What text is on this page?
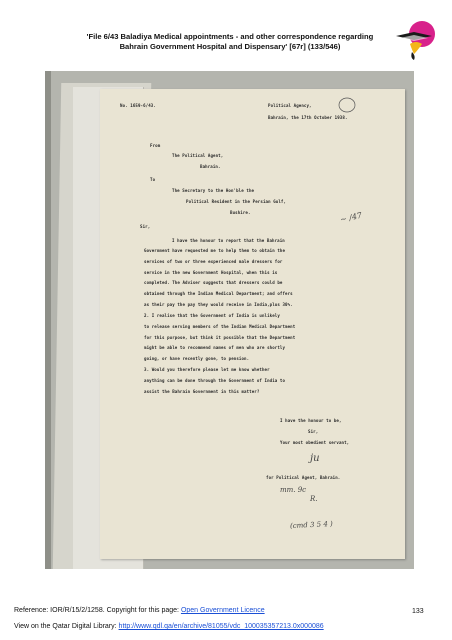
'File 6/43 Baladiya Medical appointments - and other correspondence regarding
Bahrain Government Hospital and Dispensary' [67r] (133/546)
No. 1659-6/43.	Political Agency,
Bahrain, the 17th October 1938.
From
The Political Agent,
Bahrain.
To
The Secretary to the Hon'ble the
Political Resident in the Persian Gulf,
Bushire.
Sir,
~ /47
I have the honour to report that the Bahrain
Government have requested me to help them to obtain the
services of two or three experienced male dressers for
service in the new Government Hospital, when this is
completed. The Adviser suggests that dressers could be
obtained through the Indian Medical Department; and offers
as their pay the pay they would receive in India,plus 30%.
2. I realise that the Government of India is unlikely
to release serving members of the Indian Medical Department
for this purpose, but think it possible that the Department
might be able to recommend names of men who are shortly
going, or have recently gone, to pension.
3. Would you therefore please let me know whether
anything can be done through the Government of India to
assist the Bahrain Government in this matter?
I have the honour to be,
Sir,
Your most obedient servant,
ju
for Political Agent, Bahrain.
mm. 9c
R.
(cmd 3 5 4 )
Reference: IOR/R/15/2/1258. Copyright for this page: Open Government Licence	133
View on the Qatar Digital Library: http://www.qdl.qa/en/archive/81055/vdc_100035357213.0x000086
